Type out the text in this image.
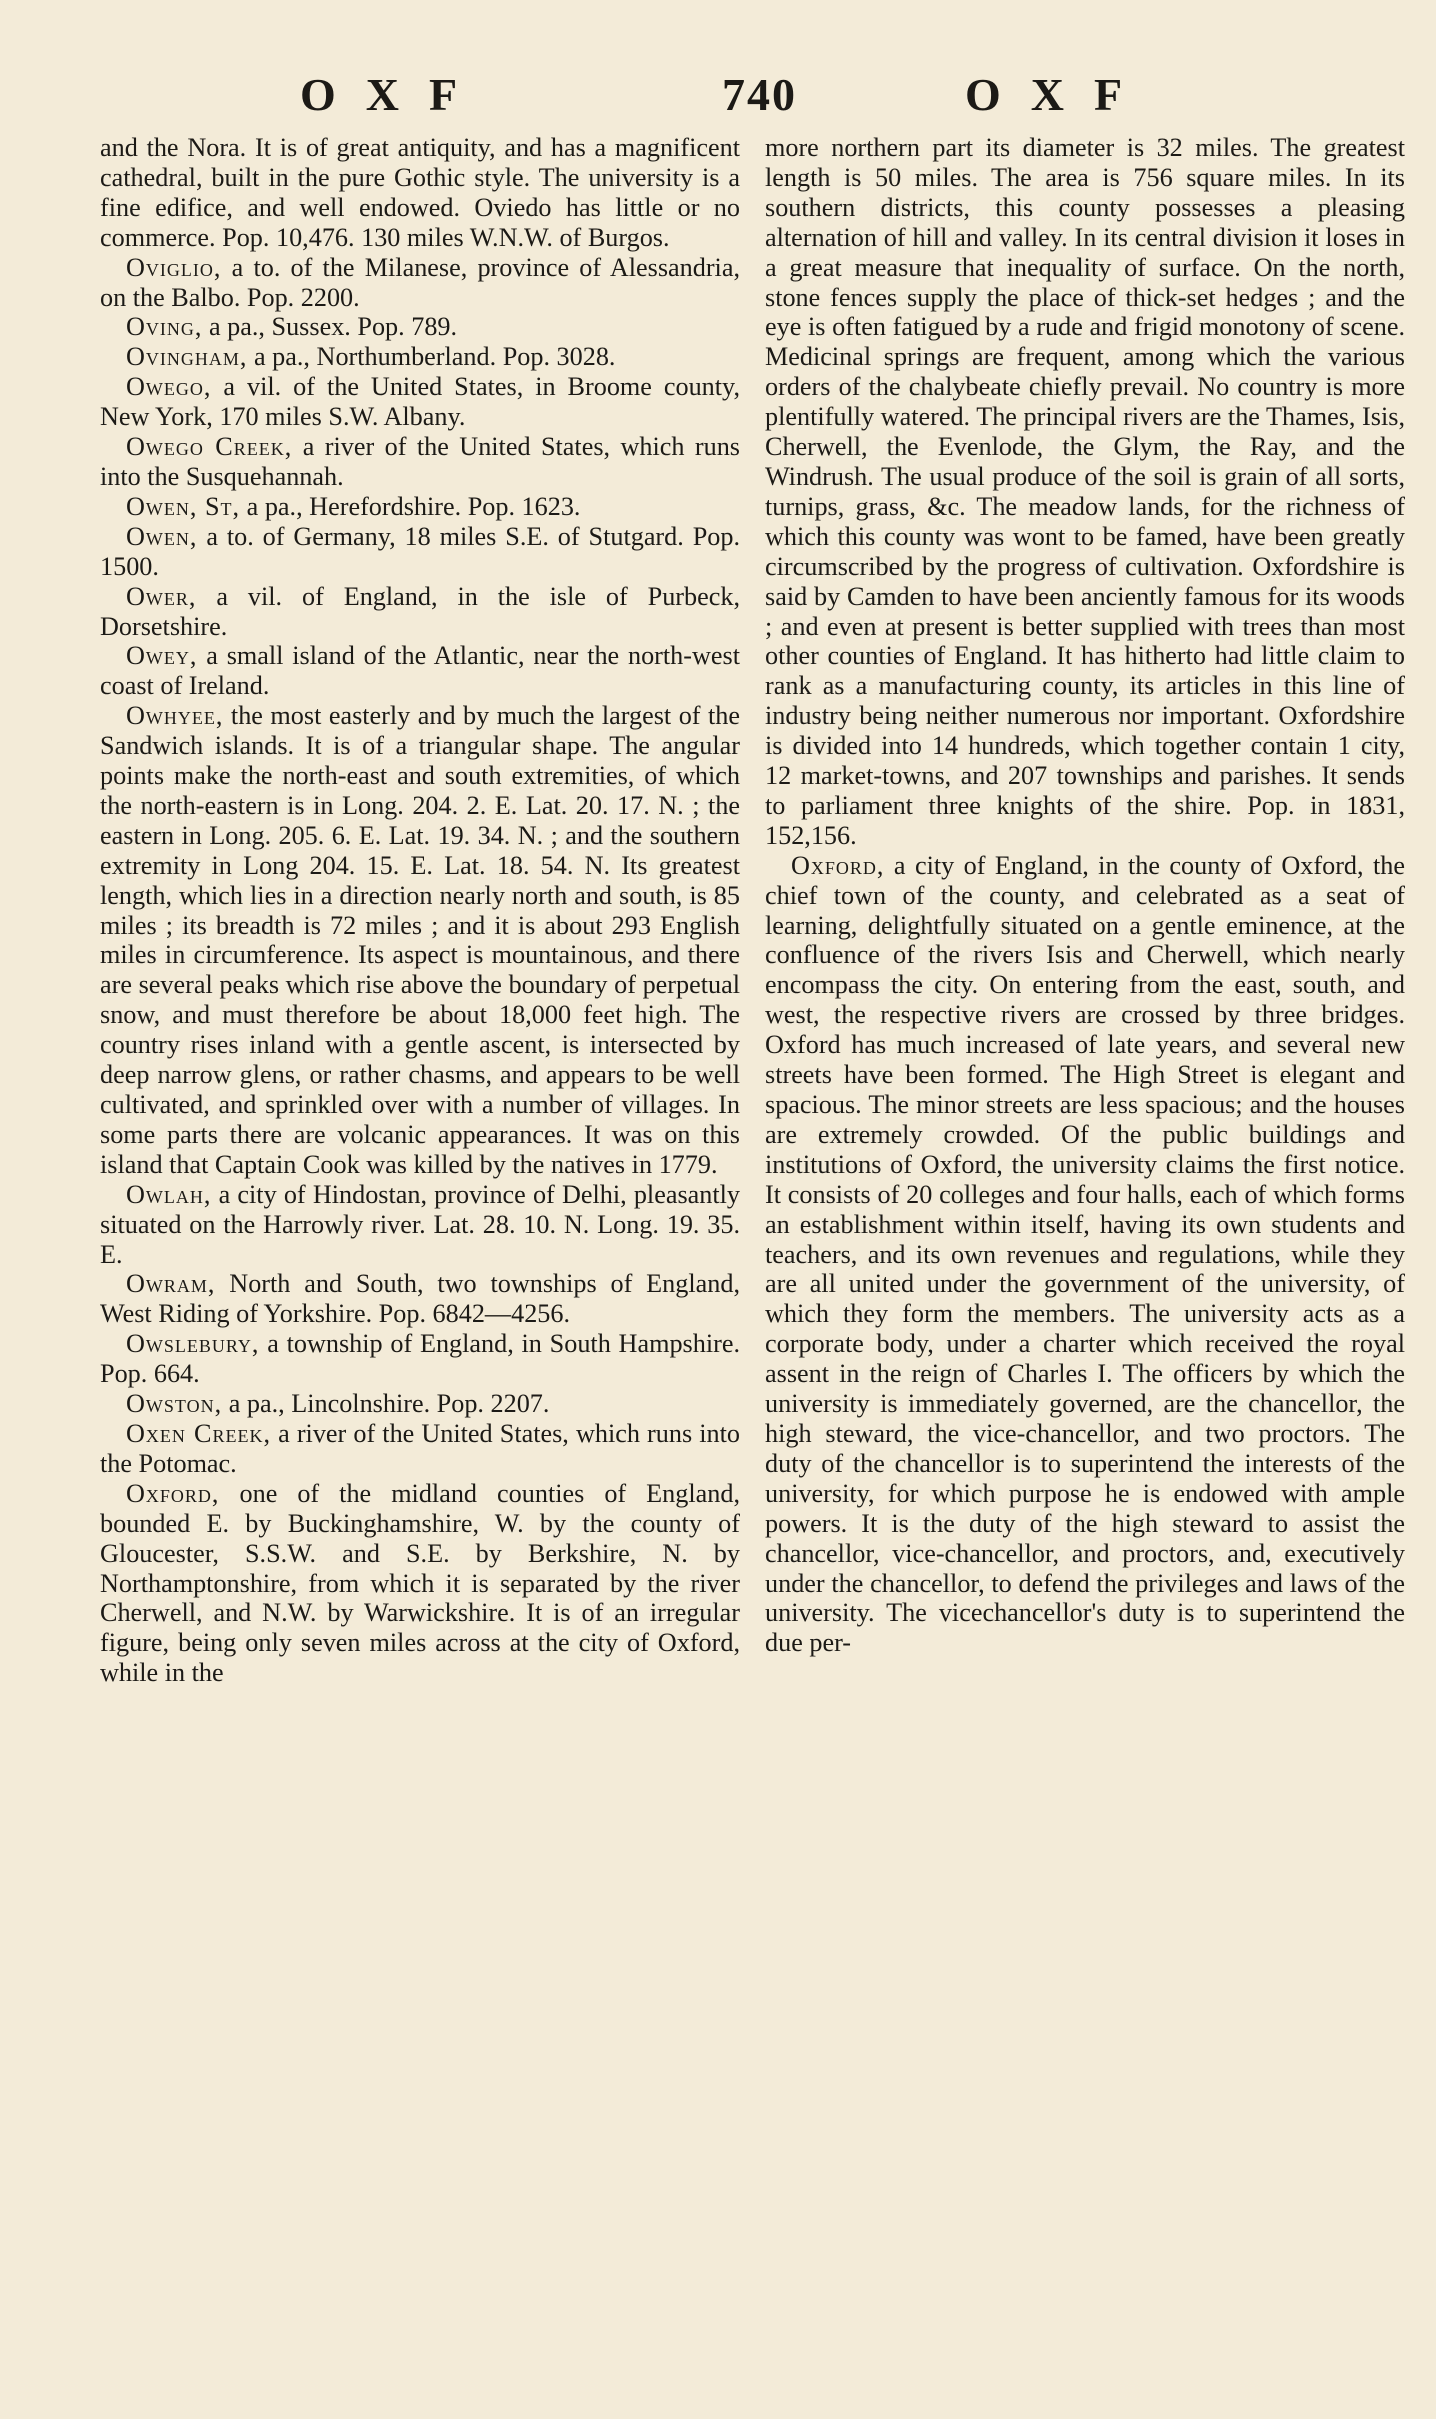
OXF	740	OXF

and the Nora. It is of great antiquity, and has a magnificent cathedral, built in the pure Gothic style. The university is a fine edifice, and well endowed. Oviedo has little or no commerce. Pop. 10,476. 130 miles W.N.W. of Burgos.

Oviglio, a to. of the Milanese, province of Alessandria, on the Balbo. Pop. 2200.

Oving, a pa., Sussex. Pop. 789.

Ovingham, a pa., Northumberland. Pop. 3028.

Owego, a vil. of the United States, in Broome county, New York, 170 miles S.W. Albany.

Owego Creek, a river of the United States, which runs into the Susquehannah.

Owen, St, a pa., Herefordshire. Pop. 1623.

Owen, a to. of Germany, 18 miles S.E. of Stutgard. Pop. 1500.

Ower, a vil. of England, in the isle of Purbeck, Dorsetshire.

Owey, a small island of the Atlantic, near the north-west coast of Ireland.

Owhyee, the most easterly and by much the largest of the Sandwich islands. It is of a triangular shape. The angular points make the north-east and south extremities, of which the north-eastern is in Long. 204. 2. E. Lat. 20. 17. N. ; the eastern in Long. 205. 6. E. Lat. 19. 34. N. ; and the southern extremity in Long 204. 15. E. Lat. 18. 54. N. Its greatest length, which lies in a direction nearly north and south, is 85 miles ; its breadth is 72 miles ; and it is about 293 English miles in circumference. Its aspect is mountainous, and there are several peaks which rise above the boundary of perpetual snow, and must therefore be about 18,000 feet high. The country rises inland with a gentle ascent, is intersected by deep narrow glens, or rather chasms, and appears to be well cultivated, and sprinkled over with a number of villages. In some parts there are volcanic appearances. It was on this island that Captain Cook was killed by the natives in 1779.

Owlah, a city of Hindostan, province of Delhi, pleasantly situated on the Harrowly river. Lat. 28. 10. N. Long. 19. 35. E.

Owram, North and South, two townships of England, West Riding of Yorkshire. Pop. 6842—4256.

Owslebury, a township of England, in South Hampshire. Pop. 664.

Owston, a pa., Lincolnshire. Pop. 2207.

Oxen Creek, a river of the United States, which runs into the Potomac.

Oxford, one of the midland counties of England, bounded E. by Buckinghamshire, W. by the county of Gloucester, S.S.W. and S.E. by Berkshire, N. by Northamptonshire, from which it is separated by the river Cherwell, and N.W. by Warwickshire. It is of an irregular figure, being only seven miles across at the city of Oxford, while in the

more northern part its diameter is 32 miles. The greatest length is 50 miles. The area is 756 square miles. In its southern districts, this county possesses a pleasing alternation of hill and valley. In its central division it loses in a great measure that inequality of surface. On the north, stone fences supply the place of thick-set hedges ; and the eye is often fatigued by a rude and frigid monotony of scene. Medicinal springs are frequent, among which the various orders of the chalybeate chiefly prevail. No country is more plentifully watered. The principal rivers are the Thames, Isis, Cherwell, the Evenlode, the Glym, the Ray, and the Windrush. The usual produce of the soil is grain of all sorts, turnips, grass, &c. The meadow lands, for the richness of which this county was wont to be famed, have been greatly circumscribed by the progress of cultivation. Oxfordshire is said by Camden to have been anciently famous for its woods ; and even at present is better supplied with trees than most other counties of England. It has hitherto had little claim to rank as a manufacturing county, its articles in this line of industry being neither numerous nor important. Oxfordshire is divided into 14 hundreds, which together contain 1 city, 12 market-towns, and 207 townships and parishes. It sends to parliament three knights of the shire. Pop. in 1831, 152,156.

Oxford, a city of England, in the county of Oxford, the chief town of the county, and celebrated as a seat of learning, delightfully situated on a gentle eminence, at the confluence of the rivers Isis and Cherwell, which nearly encompass the city. On entering from the east, south, and west, the respective rivers are crossed by three bridges. Oxford has much increased of late years, and several new streets have been formed. The High Street is elegant and spacious. The minor streets are less spacious; and the houses are extremely crowded. Of the public buildings and institutions of Oxford, the university claims the first notice. It consists of 20 colleges and four halls, each of which forms an establishment within itself, having its own students and teachers, and its own revenues and regulations, while they are all united under the government of the university, of which they form the members. The university acts as a corporate body, under a charter which received the royal assent in the reign of Charles I. The officers by which the university is immediately governed, are the chancellor, the high steward, the vice-chancellor, and two proctors. The duty of the chancellor is to superintend the interests of the university, for which purpose he is endowed with ample powers. It is the duty of the high steward to assist the chancellor, vice-chancellor, and proctors, and, executively under the chancellor, to defend the privileges and laws of the university. The vicechancellor's duty is to superintend the due per-
